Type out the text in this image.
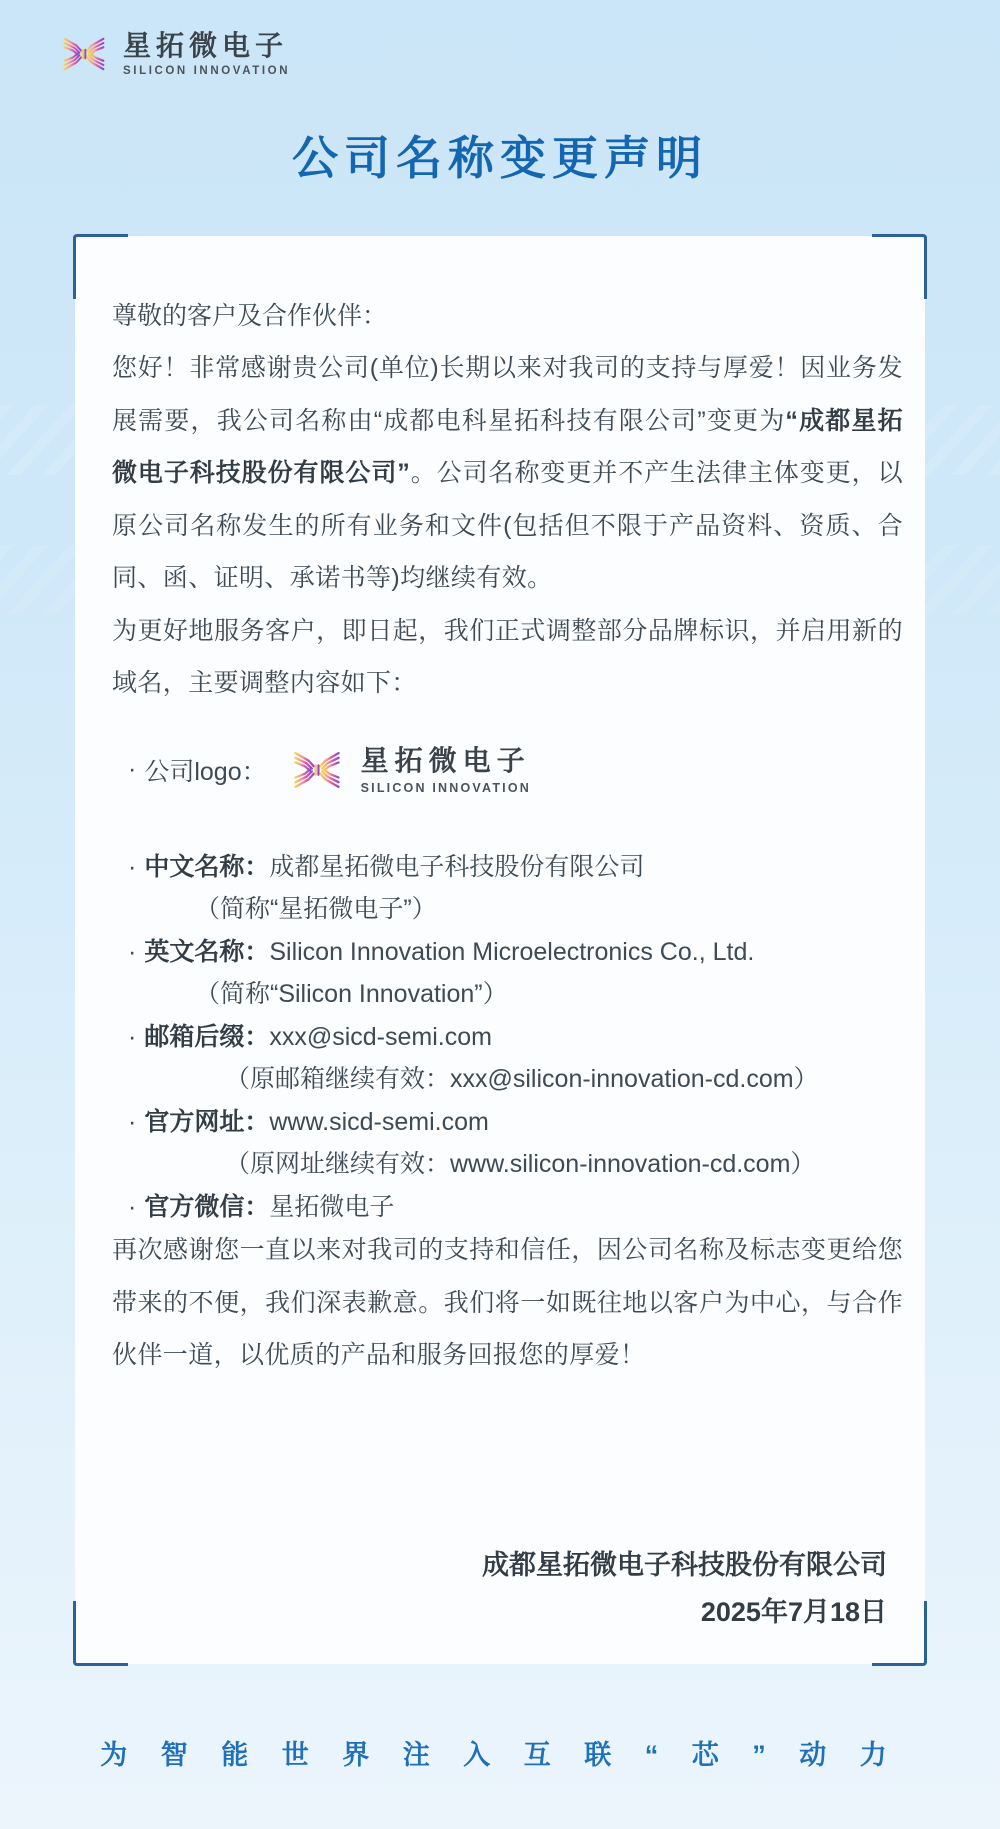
星拓微电子
SILICON INNOVATION
公司名称变更声明
尊敬的客户及合作伙伴：

您好！非常感谢贵公司(单位)长期以来对我司的支持与厚爱！因业务发展需要，我公司名称由“成都电科星拓科技有限公司”变更为“成都星拓微电子科技股份有限公司”。公司名称变更并不产生法律主体变更，以原公司名称发生的所有业务和文件(包括但不限于产品资料、资质、合同、函、证明、承诺书等)均继续有效。

为更好地服务客户，即日起，我们正式调整部分品牌标识，并启用新的域名，主要调整内容如下：

· 公司logo：	星拓微电子
SILICON INNOVATION
· 中文名称：成都星拓微电子科技股份有限公司
（简称“星拓微电子”）
· 英文名称：Silicon Innovation Microelectronics Co., Ltd.
（简称“Silicon Innovation”）
· 邮箱后缀：xxx@sicd-semi.com
（原邮箱继续有效：xxx@silicon-innovation-cd.com）
· 官方网址：www.sicd-semi.com
（原网址继续有效：www.silicon-innovation-cd.com）
· 官方微信：星拓微电子

再次感谢您一直以来对我司的支持和信任，因公司名称及标志变更给您带来的不便，我们深表歉意。我们将一如既往地以客户为中心，与合作伙伴一道，以优质的产品和服务回报您的厚爱！

成都星拓微电子科技股份有限公司
2025年7月18日
为 智 能 世 界 注 入 互 联 “ 芯 ” 动 力
